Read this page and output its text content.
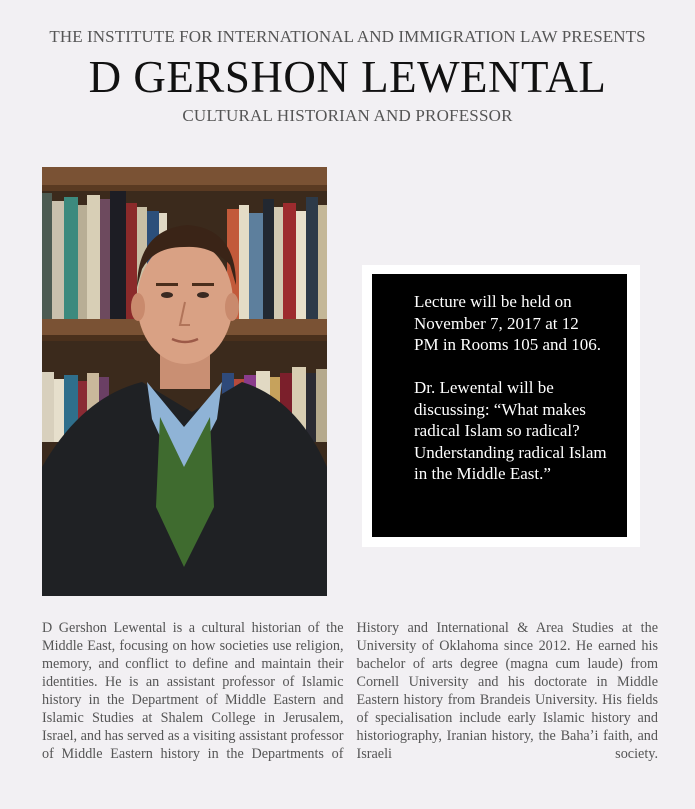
THE INSTITUTE FOR INTERNATIONAL AND IMMIGRATION LAW PRESENTS
D GERSHON LEWENTAL
CULTURAL HISTORIAN AND PROFESSOR

Lecture will be held on November 7, 2017 at 12 PM in Rooms 105 and 106.

Dr. Lewental will be discussing: “What makes radical Islam so radical? Understanding radical Islam in the Middle East.”

D Gershon Lewental is a cultural historian of the Middle East, focusing on how societies use religion, memory, and conflict to define and maintain their identities. He is an assistant professor of Islamic history in the Department of Middle Eastern and Islamic Studies at Shalem College in Jerusalem, Israel, and has served as a visiting assistant professor of Middle Eastern history in the Departments of History and International & Area Studies at the University of Oklahoma since 2012. He earned his bachelor of arts degree (magna cum laude) from Cornell University and his doctorate in Middle Eastern history from Brandeis University. His fields of specialisation include early Islamic history and historiography, Iranian history, the Bahaʼi faith, and Israeli society.
